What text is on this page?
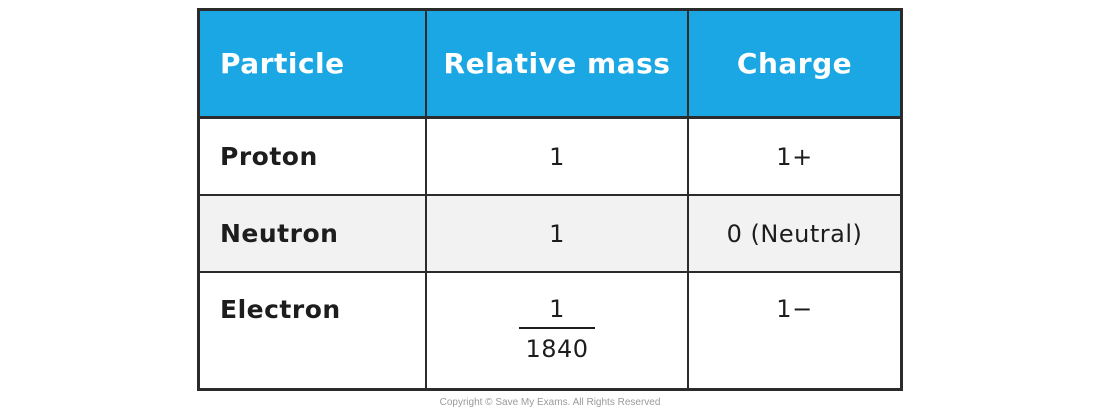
Particle	Relative mass	Charge
Proton	1	1+
Neutron	1	0 (Neutral)
Electron	$\frac{1}{1840}$	1−
Copyright © Save My Exams. All Rights Reserved
